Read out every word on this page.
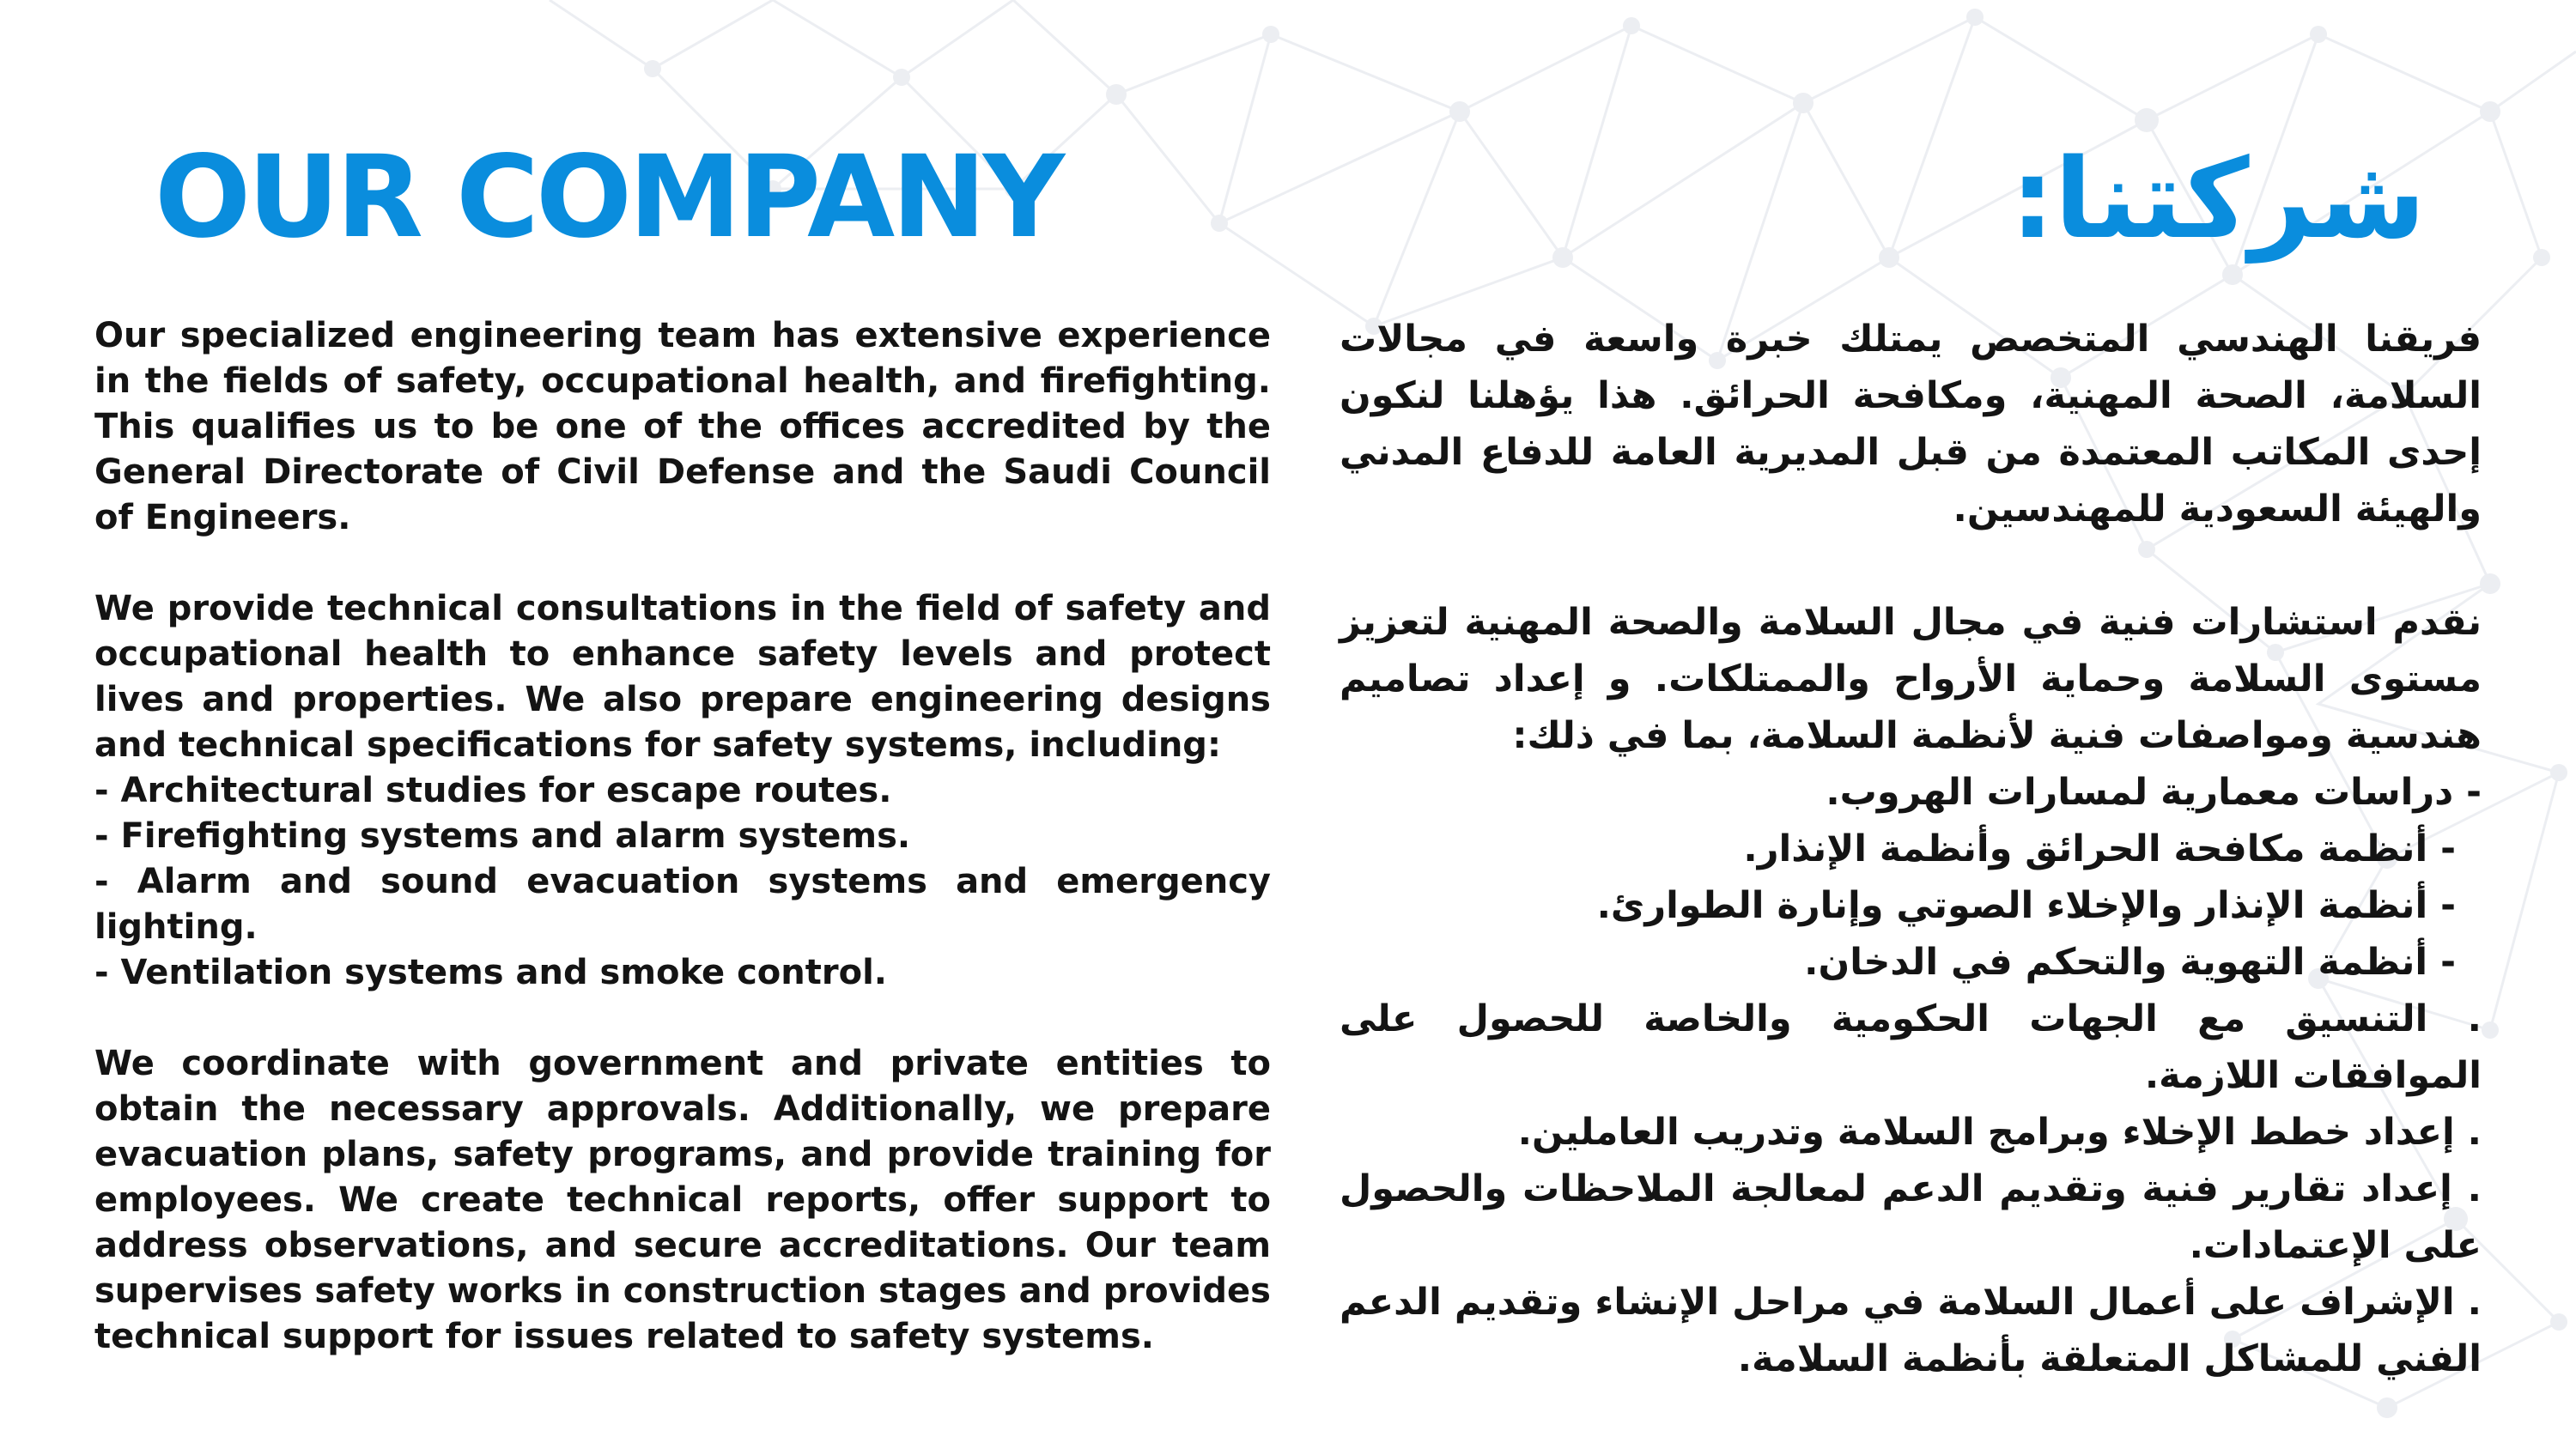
OUR COMPANY	شركتنا:

Our specialized engineering team has extensive experience in the fields of safety, occupational health, and firefighting. This qualifies us to be one of the offices accredited by the General Directorate of Civil Defense and the Saudi Council of Engineers.

We provide technical consultations in the field of safety and occupational health to enhance safety levels and protect lives and properties. We also prepare engineering designs and technical specifications for safety systems, including:

- Architectural studies for escape routes.

- Firefighting systems and alarm systems.

- Alarm and sound evacuation systems and emergency lighting.

- Ventilation systems and smoke control.

We coordinate with government and private entities to obtain the necessary approvals. Additionally, we prepare evacuation plans, safety programs, and provide training for employees. We create technical reports, offer support to address observations, and secure accreditations. Our team supervises safety works in construction stages and provides technical support for issues related to safety systems.

فريقنا الهندسي المتخصص يمتلك خبرة واسعة في مجالات السلامة، الصحة المهنية، ومكافحة الحرائق. هذا يؤهلنا لنكون إحدى المكاتب المعتمدة من قبل المديرية العامة للدفاع المدني والهيئة السعودية للمهندسين.

نقدم استشارات فنية في مجال السلامة والصحة المهنية لتعزيز مستوى السلامة وحماية الأرواح والممتلكات. و إعداد تصاميم هندسية ومواصفات فنية لأنظمة السلامة، بما في ذلك:

- دراسات معمارية لمسارات الهروب.

- أنظمة مكافحة الحرائق وأنظمة الإنذار.

- أنظمة الإنذار والإخلاء الصوتي وإنارة الطوارئ.

- أنظمة التهوية والتحكم في الدخان.

. التنسيق مع الجهات الحكومية والخاصة للحصول على الموافقات اللازمة.

. إعداد خطط الإخلاء وبرامج السلامة وتدريب العاملين.

. إعداد تقارير فنية وتقديم الدعم لمعالجة الملاحظات والحصول على الإعتمادات.

. الإشراف على أعمال السلامة في مراحل الإنشاء وتقديم الدعم الفني للمشاكل المتعلقة بأنظمة السلامة.
